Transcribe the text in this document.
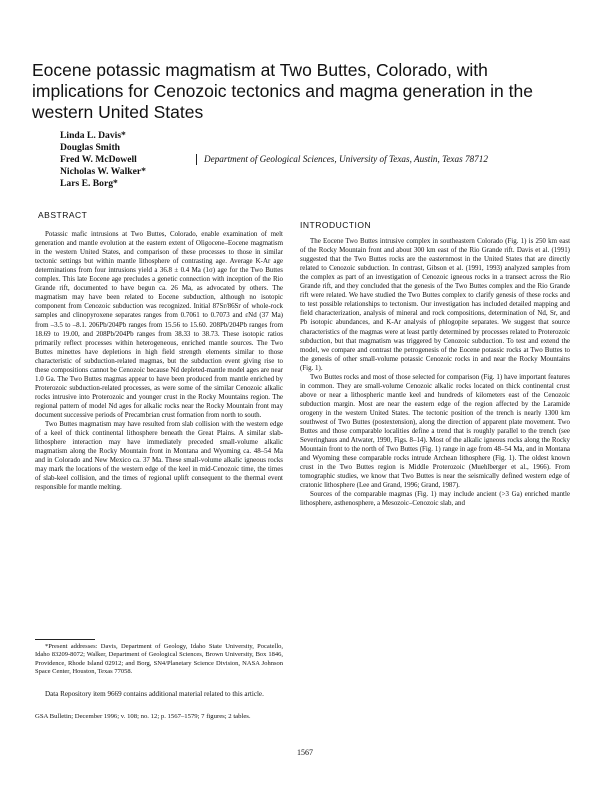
Eocene potassic magmatism at Two Buttes, Colorado, with implications for Cenozoic tectonics and magma generation in the western United States
Linda L. Davis*
Douglas Smith
Fred W. McDowell
Nicholas W. Walker*
Lars E. Borg*
Department of Geological Sciences, University of Texas, Austin, Texas 78712
ABSTRACT

Potassic mafic intrusions at Two Buttes, Colorado, enable examination of melt generation and mantle evolution at the eastern extent of Oligocene–Eocene magmatism in the western United States, and comparison of these processes to those in similar tectonic settings but within mantle lithosphere of contrasting age. Average K-Ar age determinations from four intrusions yield a 36.8 ± 0.4 Ma (1σ) age for the Two Buttes complex. This late Eocene age precludes a genetic connection with inception of the Rio Grande rift, documented to have begun ca. 26 Ma, as advocated by others. The magmatism may have been related to Eocene subduction, although no isotopic component from Cenozoic subduction was recognized. Initial 87Sr/86Sr of whole-rock samples and clinopyroxene separates ranges from 0.7061 to 0.7073 and εNd (37 Ma) from –3.5 to –8.1. 206Pb/204Pb ranges from 15.56 to 15.60. 208Pb/204Pb ranges from 18.69 to 19.00, and 208Pb/204Pb ranges from 38.33 to 38.73. These isotopic ratios primarily reflect processes within heterogeneous, enriched mantle sources. The Two Buttes minettes have depletions in high field strength elements similar to those characteristic of subduction-related magmas, but the subduction event giving rise to these compositions cannot be Cenozoic because Nd depleted-mantle model ages are near 1.0 Ga. The Two Buttes magmas appear to have been produced from mantle enriched by Proterozoic subduction-related processes, as were some of the similar Cenozoic alkalic rocks intrusive into Proterozoic and younger crust in the Rocky Mountains region. The regional pattern of model Nd ages for alkalic rocks near the Rocky Mountain front may document successive periods of Precambrian crust formation from north to south.

Two Buttes magmatism may have resulted from slab collision with the western edge of a keel of thick continental lithosphere beneath the Great Plains. A similar slab-lithosphere interaction may have immediately preceded small-volume alkalic magmatism along the Rocky Mountain front in Montana and Wyoming ca. 48–54 Ma and in Colorado and New Mexico ca. 37 Ma. These small-volume alkalic igneous rocks may mark the locations of the western edge of the keel in mid-Cenozoic time, the times of slab-keel collision, and the times of regional uplift consequent to the thermal event responsible for mantle melting.

INTRODUCTION

The Eocene Two Buttes intrusive complex in southeastern Colorado (Fig. 1) is 250 km east of the Rocky Mountain front and about 300 km east of the Rio Grande rift. Davis et al. (1991) suggested that the Two Buttes rocks are the easternmost in the United States that are directly related to Cenozoic subduction. In contrast, Gibson et al. (1991, 1993) analyzed samples from the complex as part of an investigation of Cenozoic igneous rocks in a transect across the Rio Grande rift, and they concluded that the genesis of the Two Buttes complex and the Rio Grande rift were related. We have studied the Two Buttes complex to clarify genesis of these rocks and to test possible relationships to tectonism. Our investigation has included detailed mapping and field characterization, analysis of mineral and rock compositions, determination of Nd, Sr, and Pb isotopic abundances, and K-Ar analysis of phlogopite separates. We suggest that source characteristics of the magmas were at least partly determined by processes related to Proterozoic subduction, but that magmatism was triggered by Cenozoic subduction. To test and extend the model, we compare and contrast the petrogenesis of the Eocene potassic rocks at Two Buttes to the genesis of other small-volume potassic Cenozoic rocks in and near the Rocky Mountains (Fig. 1).

Two Buttes rocks and most of those selected for comparison (Fig. 1) have important features in common. They are small-volume Cenozoic alkalic rocks located on thick continental crust above or near a lithospheric mantle keel and hundreds of kilometers east of the Cenozoic subduction margin. Most are near the eastern edge of the region affected by the Laramide orogeny in the western United States. The tectonic position of the trench is nearly 1300 km southwest of Two Buttes (postextension), along the direction of apparent plate movement. Two Buttes and those comparable localities define a trend that is roughly parallel to the trench (see Severinghaus and Atwater, 1990, Figs. 8–14). Most of the alkalic igneous rocks along the Rocky Mountain front to the north of Two Buttes (Fig. 1) range in age from 48–54 Ma, and in Montana and Wyoming these comparable rocks intrude Archean lithosphere (Fig. 1). The oldest known crust in the Two Buttes region is Middle Proterozoic (Muehlberger et al., 1966). From tomographic studies, we know that Two Buttes is near the seismically defined western edge of cratonic lithosphere (Lee and Grand, 1996; Grand, 1987).

Sources of the comparable magmas (Fig. 1) may include ancient (>3 Ga) enriched mantle lithosphere, asthenosphere, a Mesozoic–Cenozoic slab, and

*Present addresses: Davis, Department of Geology, Idaho State University, Pocatello, Idaho 83209-8072; Walker, Department of Geological Sciences, Brown University, Box 1846, Providence, Rhode Island 02912; and Borg, SN4/Planetary Science Division, NASA Johnson Space Center, Houston, Texas 77058.

Data Repository item 9669 contains additional material related to this article.

GSA Bulletin; December 1996; v. 108; no. 12; p. 1567–1579; 7 figures; 2 tables.

1567
